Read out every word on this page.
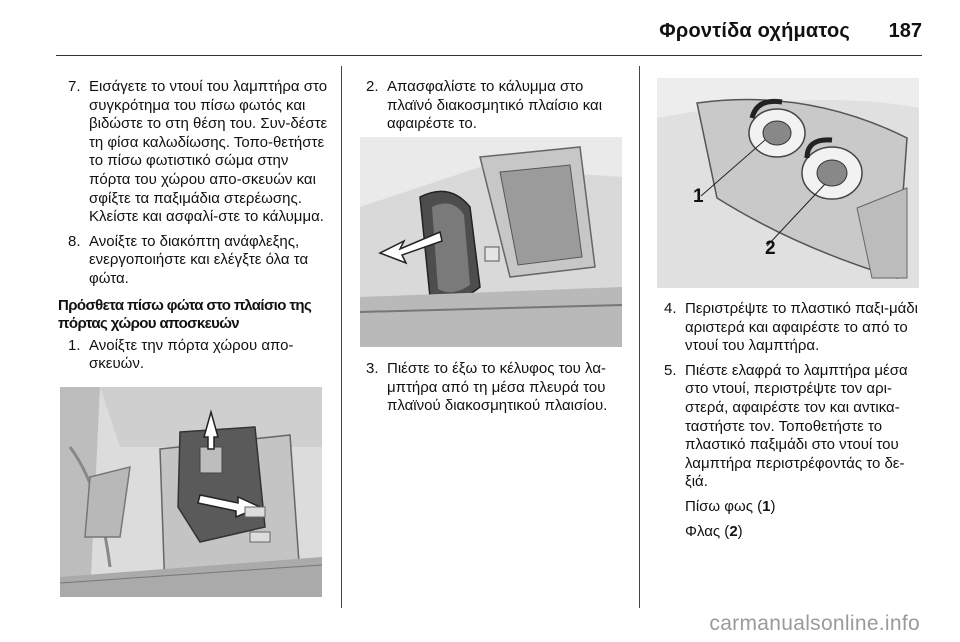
Φροντίδα οχήματος 187
7. Εισάγετε το ντουί του λαμπτήρα στο συγκρότημα του πίσω φωτός και βιδώστε το στη θέση του. Συν-δέστε τη φίσα καλωδίωσης. Τοπο-θετήστε το πίσω φωτιστικό σώμα στην πόρτα του χώρου απο-σκευών και σφίξτε τα παξιμάδια στερέωσης. Κλείστε και ασφαλί-στε το κάλυμμα.
8. Ανοίξτε το διακόπτη ανάφλεξης, ενεργοποιήστε και ελέγξτε όλα τα φώτα.
Πρόσθετα πίσω φώτα στο πλαίσιο της πόρτας χώρου αποσκευών
1. Ανοίξτε την πόρτα χώρου απο-σκευών.
2. Απασφαλίστε το κάλυμμα στο πλαϊνό διακοσμητικό πλαίσιο και αφαιρέστε το.
3. Πιέστε το έξω το κέλυφος του λα-μπτήρα από τη μέσα πλευρά του πλαϊνού διακοσμητικού πλαισίου.
1
2
4. Περιστρέψτε το πλαστικό παξι-μάδι αριστερά και αφαιρέστε το από το ντουί του λαμπτήρα.
5. Πιέστε ελαφρά το λαμπτήρα μέσα στο ντουί, περιστρέψτε τον αρι-στερά, αφαιρέστε τον και αντικα-ταστήστε τον. Τοποθετήστε το πλαστικό παξιμάδι στο ντουί του λαμπτήρα περιστρέφοντάς το δε-ξιά.
Πίσω φως (1)
Φλας (2)
carmanualsonline.info
